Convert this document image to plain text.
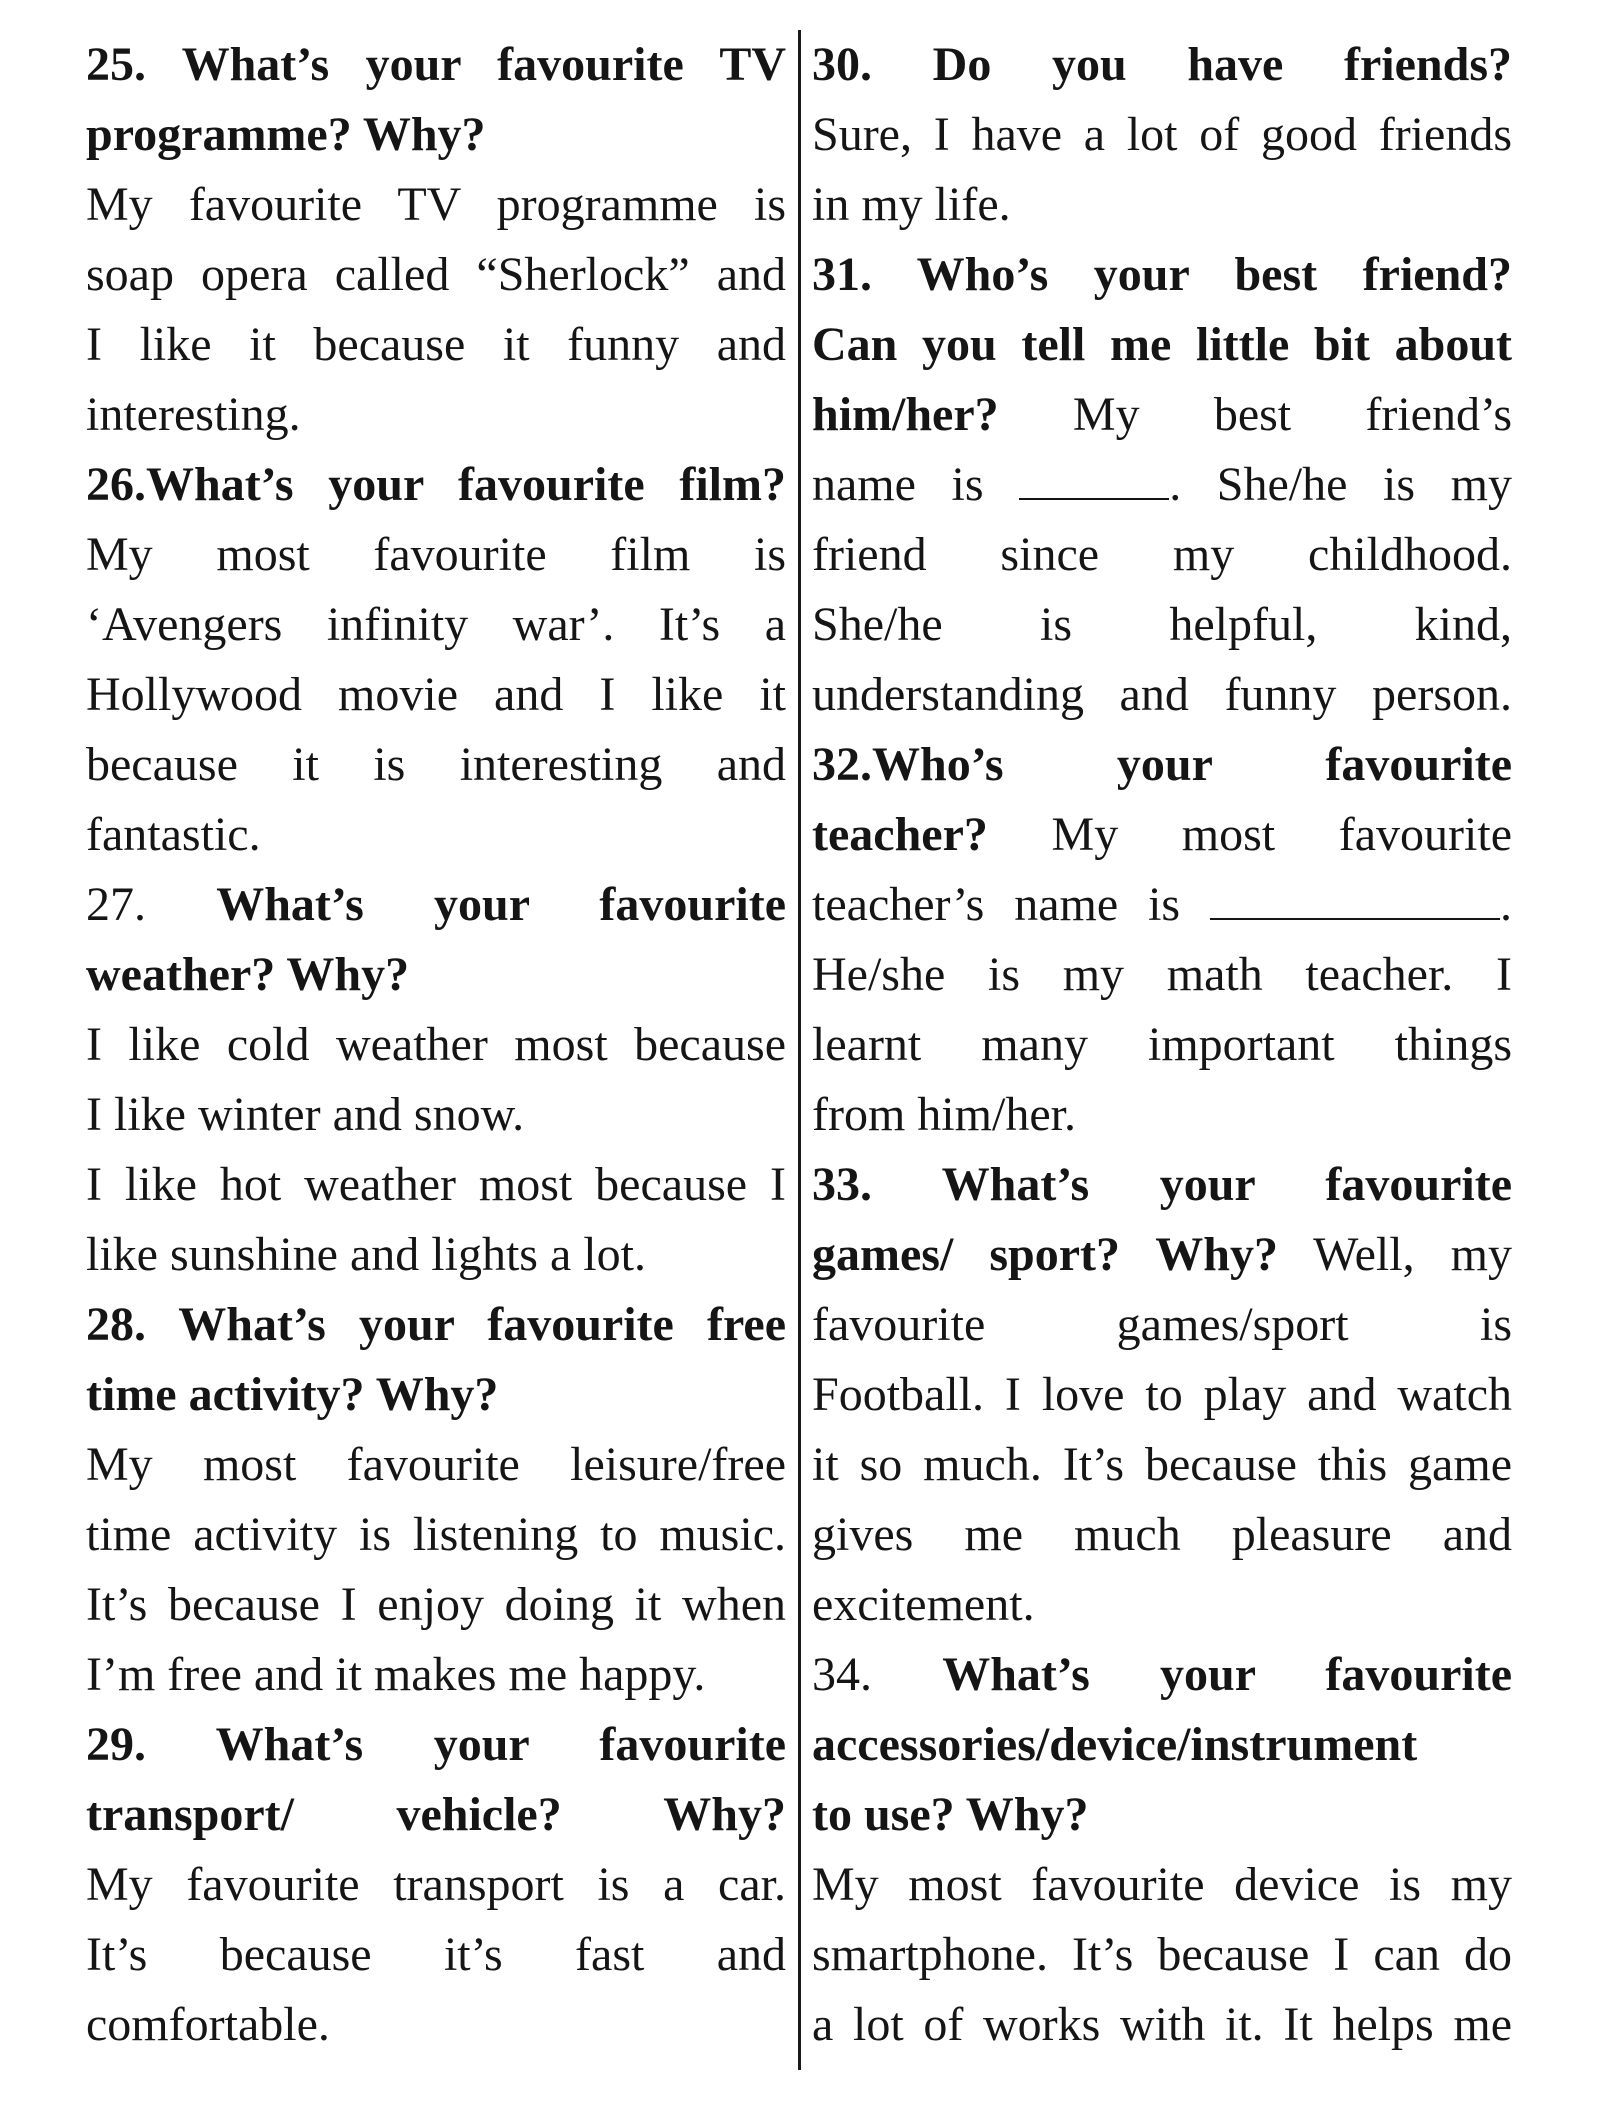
25. What’s your favourite TV
programme? Why?
My favourite TV programme is
soap opera called “Sherlock” and
I like it because it funny and
interesting.
26.What’s your favourite film?
My most favourite film is
‘Avengers infinity war’. It’s a
Hollywood movie and I like it
because it is interesting and
fantastic.
27. What’s your favourite
weather? Why?
I like cold weather most because
I like winter and snow.
I like hot weather most because I
like sunshine and lights a lot.
28. What’s your favourite free
time activity? Why?
My most favourite leisure/free
time activity is listening to music.
It’s because I enjoy doing it when
I’m free and it makes me happy.
29. What’s your favourite
transport/ vehicle? Why?
My favourite transport is a car.
It’s because it’s fast and
comfortable.
30. Do you have friends?
Sure, I have a lot of good friends
in my life.
31. Who’s your best friend?
Can you tell me little bit about
him/her? My best friend’s
name is	. She/he is my
friend since my childhood.
She/he is helpful, kind,
understanding and funny person.
32.Who’s your favourite
teacher? My most favourite
teacher’s name is	.
He/she is my math teacher. I
learnt many important things
from him/her.
33. What’s your favourite
games/ sport? Why? Well, my
favourite games/sport is
Football. I love to play and watch
it so much. It’s because this game
gives me much pleasure and
excitement.
34. What’s your favourite
accessories/device/instrument
to use? Why?
My most favourite device is my
smartphone. It’s because I can do
a lot of works with it. It helps me
